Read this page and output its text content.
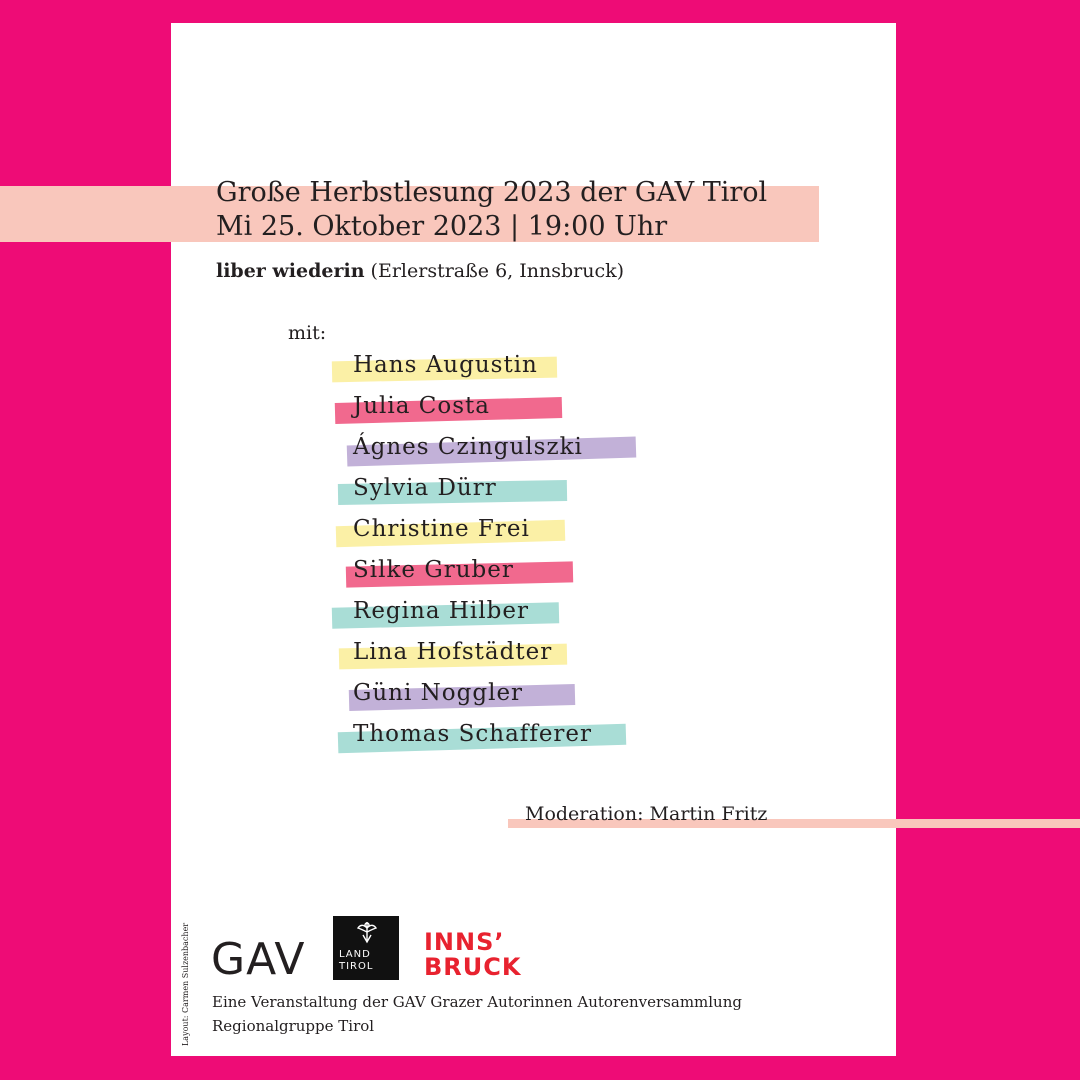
Große Herbstlesung 2023 der GAV Tirol
Mi 25. Oktober 2023 | 19:00 Uhr
liber wiederin (Erlerstraße 6, Innsbruck)
mit:
Hans Augustin
Julia Costa
Ágnes Czingulszki
Sylvia Dürr
Christine Frei
Silke Gruber
Regina Hilber
Lina Hofstädter
Güni Noggler
Thomas Schafferer
Moderation: Martin Fritz
Layout: Carmen Sulzenbacher GAV	LAND
TIROL
INNS’
BRUCK
Eine Veranstaltung der GAV Grazer Autorinnen Autorenversammlung
Regionalgruppe Tirol
